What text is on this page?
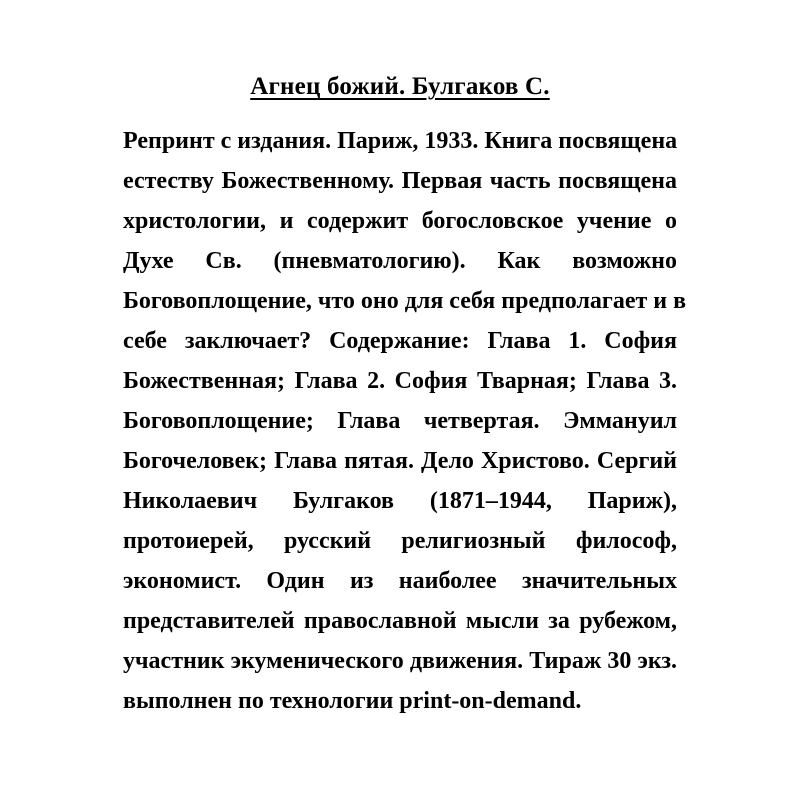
Агнец божий. Булгаков С.
Репринт с издания. Париж, 1933. Книга посвящена
естеству Божественному. Первая часть посвящена
христологии, и содержит богословское учение о
Духе Св. (пневматологию). Как возможно
Боговоплощение, что оно для себя предполагает и в
себе заключает? Содержание: Глава 1. София
Божественная; Глава 2. София Тварная; Глава 3.
Боговоплощение; Глава четвертая. Эммануил
Богочеловек; Глава пятая. Дело Христово. Сергий
Николаевич Булгаков (1871–1944, Париж),
протоиерей, русский религиозный философ,
экономист. Один из наиболее значительных
представителей православной мысли за рубежом,
участник экуменического движения. Тираж 30 экз.
выполнен по технологии print-on-demand.
